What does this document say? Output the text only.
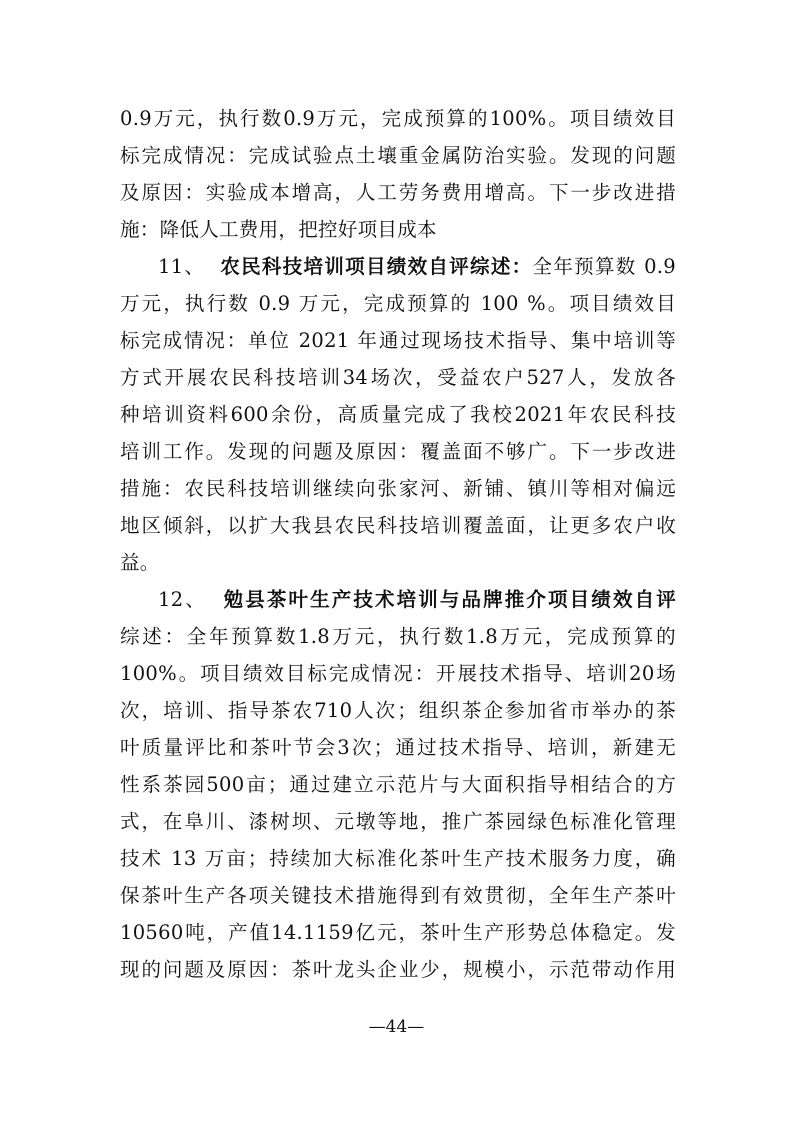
0.9万元，执行数0.9万元，完成预算的100%。项目绩效目
标完成情况：完成试验点土壤重金属防治实验。发现的问题
及原因：实验成本增高，人工劳务费用增高。下一步改进措
施：降低人工费用，把控好项目成本
11、 农民科技培训项目绩效自评综述：全年预算数 0.9
万元，执行数 0.9 万元，完成预算的 100 %。项目绩效目
标完成情况：单位 2021 年通过现场技术指导、集中培训等
方式开展农民科技培训34场次，受益农户527人，发放各
种培训资料600余份，高质量完成了我校2021年农民科技
培训工作。发现的问题及原因：覆盖面不够广。下一步改进
措施：农民科技培训继续向张家河、新铺、镇川等相对偏远
地区倾斜，以扩大我县农民科技培训覆盖面，让更多农户收
益。
12、 勉县茶叶生产技术培训与品牌推介项目绩效自评
综述：全年预算数1.8万元，执行数1.8万元，完成预算的
100%。项目绩效目标完成情况：开展技术指导、培训20场
次，培训、指导茶农710人次；组织茶企参加省市举办的茶
叶质量评比和茶叶节会3次；通过技术指导、培训，新建无
性系茶园500亩；通过建立示范片与大面积指导相结合的方
式，在阜川、漆树坝、元墩等地，推广茶园绿色标准化管理
技术 13 万亩；持续加大标准化茶叶生产技术服务力度，确
保茶叶生产各项关键技术措施得到有效贯彻，全年生产茶叶
10560吨，产值14.1159亿元，茶叶生产形势总体稳定。发
现的问题及原因：茶叶龙头企业少，规模小，示范带动作用
—44—
